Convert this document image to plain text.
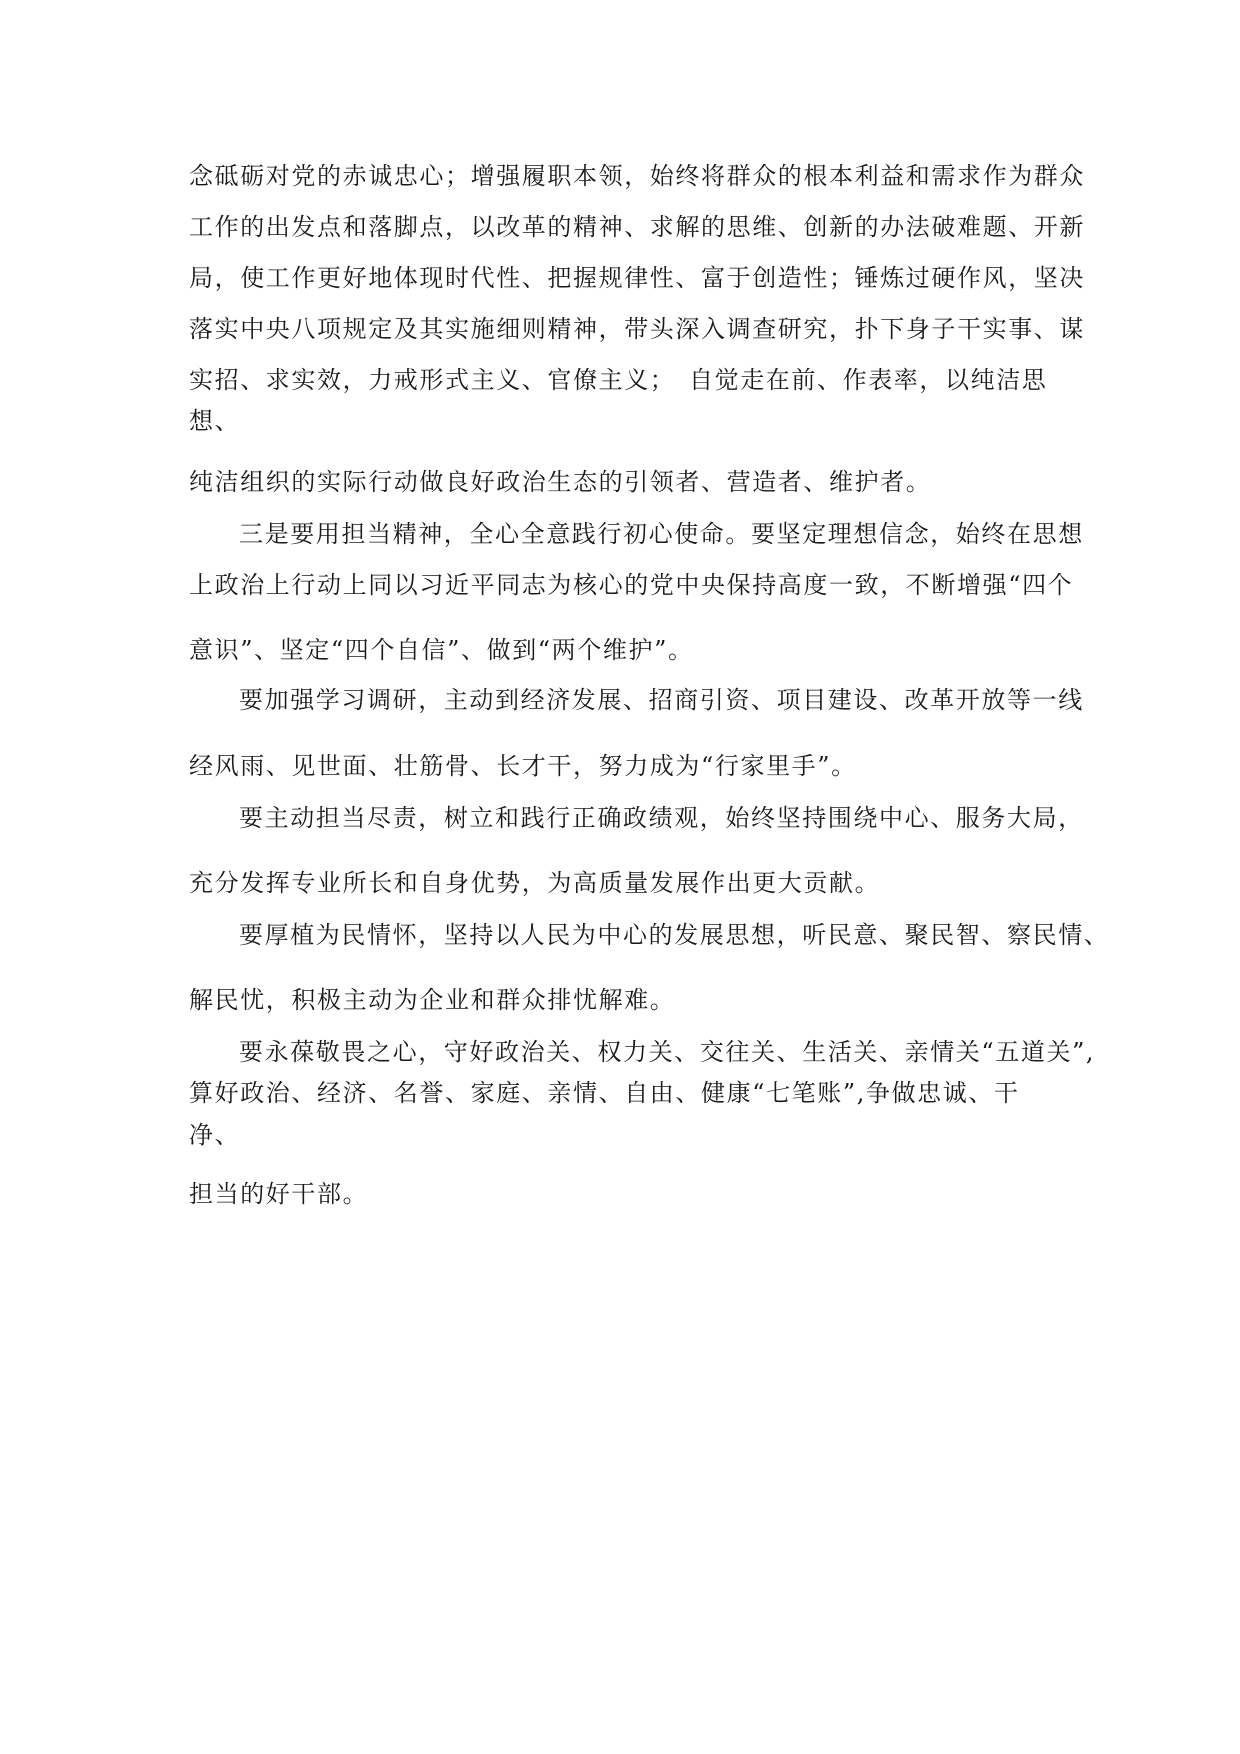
念砥砺对党的赤诚忠心；增强履职本领，始终将群众的根本利益和需求作为群众
工作的出发点和落脚点，以改革的精神、求解的思维、创新的办法破难题、开新
局，使工作更好地体现时代性、把握规律性、富于创造性；锤炼过硬作风，坚决
落实中央八项规定及其实施细则精神，带头深入调查研究，扑下身子干实事、谋
实招、求实效，力戒形式主义、官僚主义；　自觉走在前、作表率，以纯洁思
想、
纯洁组织的实际行动做良好政治生态的引领者、营造者、维护者。
三是要用担当精神，全心全意践行初心使命。要坚定理想信念，始终在思想
上政治上行动上同以习近平同志为核心的党中央保持高度一致，不断增强“四个
意识”、坚定“四个自信”、做到“两个维护”。
要加强学习调研，主动到经济发展、招商引资、项目建设、改革开放等一线
经风雨、见世面、壮筋骨、长才干，努力成为“行家里手”。
要主动担当尽责，树立和践行正确政绩观，始终坚持围绕中心、服务大局，
充分发挥专业所长和自身优势，为高质量发展作出更大贡献。
要厚植为民情怀，坚持以人民为中心的发展思想，听民意、聚民智、察民情、
解民忧，积极主动为企业和群众排忧解难。
要永葆敬畏之心，守好政治关、权力关、交往关、生活关、亲情关“五道关”,
算好政治、经济、名誉、家庭、亲情、自由、健康“七笔账”,争做忠诚、干
净、
担当的好干部。
